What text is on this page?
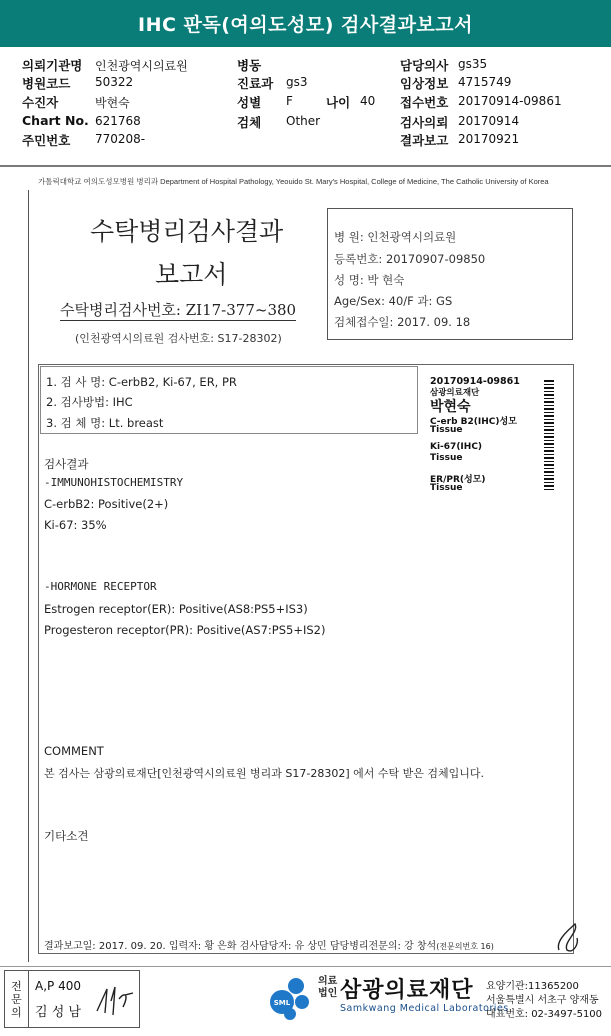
IHC 판독(여의도성모) 검사결과보고서
의뢰기관명 인천광역시의료원
병원코드 50322
수진자	박현숙
Chart No. 621768
주민번호 770208-
병동
진료과 gs3
성별 F	나이 40
검체 Other
담당의사 gs35
임상정보 4715749
접수번호 20170914-09861
검사의뢰 20170914
결과보고 20170921
가톨릭대학교 여의도성모병원 병리과 Department of Hospital Pathology, Yeouido St. Mary's Hospital, College of Medicine, The Catholic University of Korea
수탁병리검사결과
보고서
수탁병리검사번호: ZI17-377~380
(인천광역시의료원 검사번호: S17-28302)
병 원: 인천광역시의료원
등록번호: 20170907-09850
성 명: 박 현숙
Age/Sex: 40/F 과: GS
검체접수일: 2017. 09. 18
1. 검 사 명: C-erbB2, Ki-67, ER, PR
2. 검사방법: IHC
3. 검 체 명: Lt. breast
20170914-09861
삼광의료재단
박현숙
C-erb B2(IHC)성모
Tissue
Ki-67(IHC)
Tissue
ER/PR(성모)
Tissue
검사결과
-IMMUNOHISTOCHEMISTRY
C-erbB2: Positive(2+)
Ki-67: 35%
-HORMONE RECEPTOR
Estrogen receptor(ER): Positive(AS8:PS5+IS3)
Progesteron receptor(PR): Positive(AS7:PS5+IS2)
COMMENT
본 검사는 삼광의료재단[인천광역시의료원 병리과 S17-28302] 에서 수탁 받은 검체입니다.
기타소견
결과보고일: 2017. 09. 20. 입력자: 황 은화 검사담당자: 유 상민 담당병리전문의: 강 창석(전문의번호 16)
전
문
의
A,P 400
김 성 남
SML
의료
법인 삼광의료재단
Samkwang Medical Laboratories
요양기관:11365200
서울특별시 서초구 양재동
대표번호: 02-3497-5100
